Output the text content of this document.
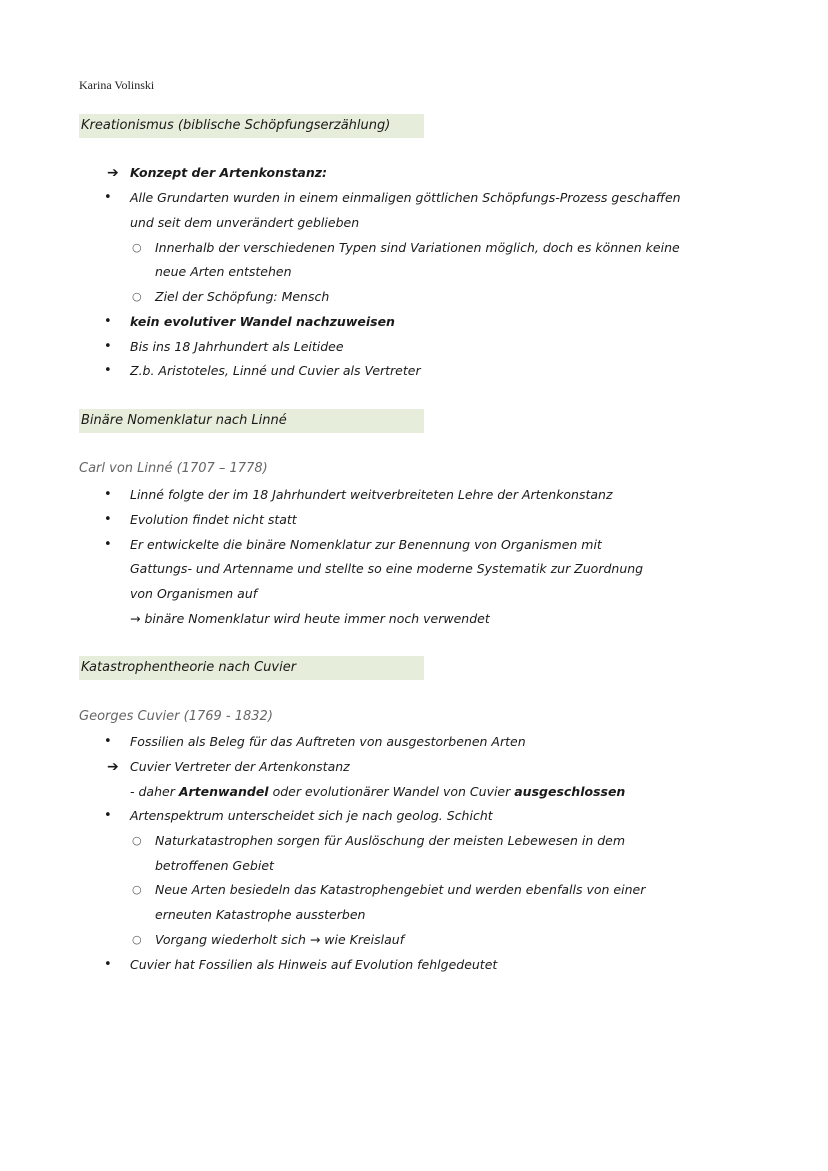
Karina Volinski
Kreationismus (biblische Schöpfungserzählung)
➔ Konzept der Artenkonstanz:
• Alle Grundarten wurden in einem einmaligen göttlichen Schöpfungs-Prozess geschaffen
und seit dem unverändert geblieben
○ Innerhalb der verschiedenen Typen sind Variationen möglich, doch es können keine
neue Arten entstehen
○ Ziel der Schöpfung: Mensch
• kein evolutiver Wandel nachzuweisen
• Bis ins 18 Jahrhundert als Leitidee
• Z.b. Aristoteles, Linné und Cuvier als Vertreter
Binäre Nomenklatur nach Linné
Carl von Linné (1707 – 1778)
• Linné folgte der im 18 Jahrhundert weitverbreiteten Lehre der Artenkonstanz
• Evolution findet nicht statt
• Er entwickelte die binäre Nomenklatur zur Benennung von Organismen mit
Gattungs- und Artenname und stellte so eine moderne Systematik zur Zuordnung
von Organismen auf
→ binäre Nomenklatur wird heute immer noch verwendet
Katastrophentheorie nach Cuvier
Georges Cuvier (1769 - 1832)
• Fossilien als Beleg für das Auftreten von ausgestorbenen Arten
➔ Cuvier Vertreter der Artenkonstanz
- daher Artenwandel oder evolutionärer Wandel von Cuvier ausgeschlossen
• Artenspektrum unterscheidet sich je nach geolog. Schicht
○ Naturkatastrophen sorgen für Auslöschung der meisten Lebewesen in dem
betroffenen Gebiet
○ Neue Arten besiedeln das Katastrophengebiet und werden ebenfalls von einer
erneuten Katastrophe aussterben
○ Vorgang wiederholt sich → wie Kreislauf
• Cuvier hat Fossilien als Hinweis auf Evolution fehlgedeutet
